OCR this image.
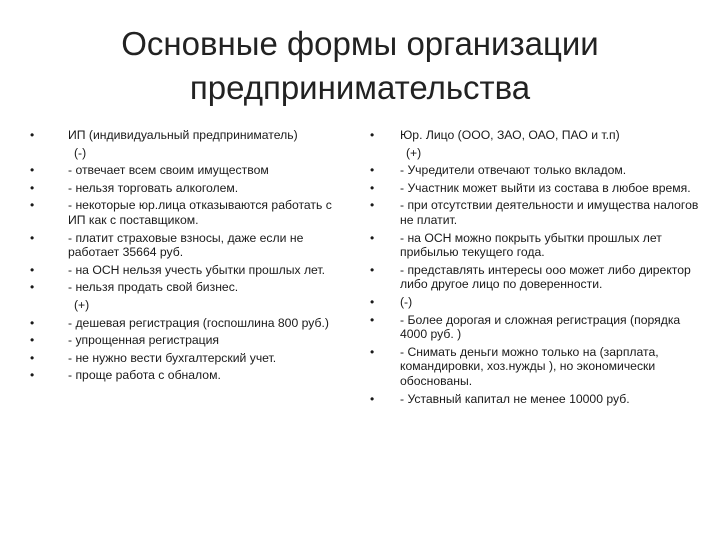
Основные формы организации
предпринимательства
•	ИП (индивидуальный предприниматель)
(-)
•	- отвечает всем своим имуществом
•	- нельзя торговать алкоголем.
•	- некоторые юр.лица отказываются работать с ИП как с поставщиком.
•	- платит страховые взносы, даже если не работает 35664 руб.
•	- на ОСН нельзя учесть убытки прошлых лет.
•	- нельзя продать свой бизнес.
(+)
•	- дешевая регистрация (госпошлина 800 руб.)
•	- упрощенная регистрация
•	- не нужно вести бухгалтерский учет.
•	- проще работа с обналом.
• Юр. Лицо (ООО, ЗАО, ОАО, ПАО и т.п)
(+)
• - Учредители отвечают только вкладом.
• - Участник может выйти из состава в любое время.
• - при отсутствии деятельности и имущества налогов не платит.
• - на ОСН можно покрыть убытки прошлых лет прибылью текущего года.
• - представлять интересы ооо может либо директор либо другое лицо по доверенности.
• (-)
• - Более дорогая и сложная регистрация (порядка 4000 руб. )
• - Снимать деньги можно только на (зарплата, командировки, хоз.нужды ), но экономически обоснованы.
• - Уставный капитал не менее 10000 руб.
